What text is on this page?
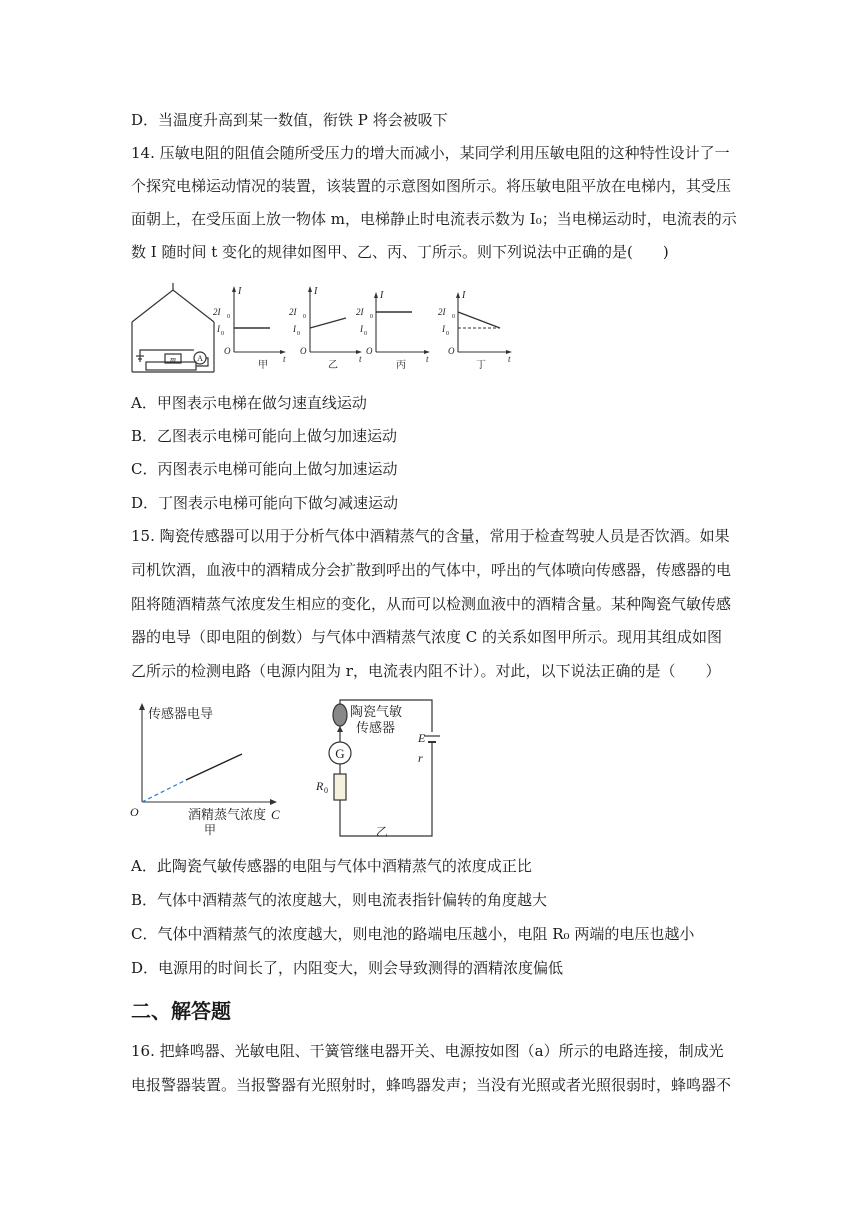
D．当温度升高到某一数值，衔铁 P 将会被吸下
14. 压敏电阻的阻值会随所受压力的增大而减小，某同学利用压敏电阻的这种特性设计了一
个探究电梯运动情况的装置，该装置的示意图如图所示。将压敏电阻平放在电梯内，其受压
面朝上，在受压面上放一物体 m，电梯静止时电流表示数为 I₀；当电梯运动时，电流表的示
数 I 随时间 t 变化的规律如图甲、乙、丙、丁所示。则下列说法中正确的是(　　)
m	A
I
2I 0
I 0
O
t
甲
I
2I 0
I 0
O
t
乙
I
2I 0
I 0
O
t
丙
I
2I 0
I 0
O
t
丁
A．甲图表示电梯在做匀速直线运动
B．乙图表示电梯可能向上做匀加速运动
C．丙图表示电梯可能向上做匀加速运动
D．丁图表示电梯可能向下做匀减速运动
15. 陶瓷传感器可以用于分析气体中酒精蒸气的含量，常用于检查驾驶人员是否饮酒。如果
司机饮酒，血液中的酒精成分会扩散到呼出的气体中，呼出的气体喷向传感器，传感器的电
阻将随酒精蒸气浓度发生相应的变化，从而可以检测血液中的酒精含量。某种陶瓷气敏传感
器的电导（即电阻的倒数）与气体中酒精蒸气浓度 C 的关系如图甲所示。现用其组成如图
乙所示的检测电路（电源内阻为 r，电流表内阻不计）。对此，以下说法正确的是（　　）
传感器电导
O	酒精蒸气浓度 C
甲
陶瓷气敏
传感器
G
E
r
R 0
乙
A．此陶瓷气敏传感器的电阻与气体中酒精蒸气的浓度成正比
B．气体中酒精蒸气的浓度越大，则电流表指针偏转的角度越大
C．气体中酒精蒸气的浓度越大，则电池的路端电压越小，电阻 R₀ 两端的电压也越小
D．电源用的时间长了，内阻变大，则会导致测得的酒精浓度偏低
二、解答题
16. 把蜂鸣器、光敏电阻、干簧管继电器开关、电源按如图（a）所示的电路连接，制成光
电报警器装置。当报警器有光照射时，蜂鸣器发声；当没有光照或者光照很弱时，蜂鸣器不
